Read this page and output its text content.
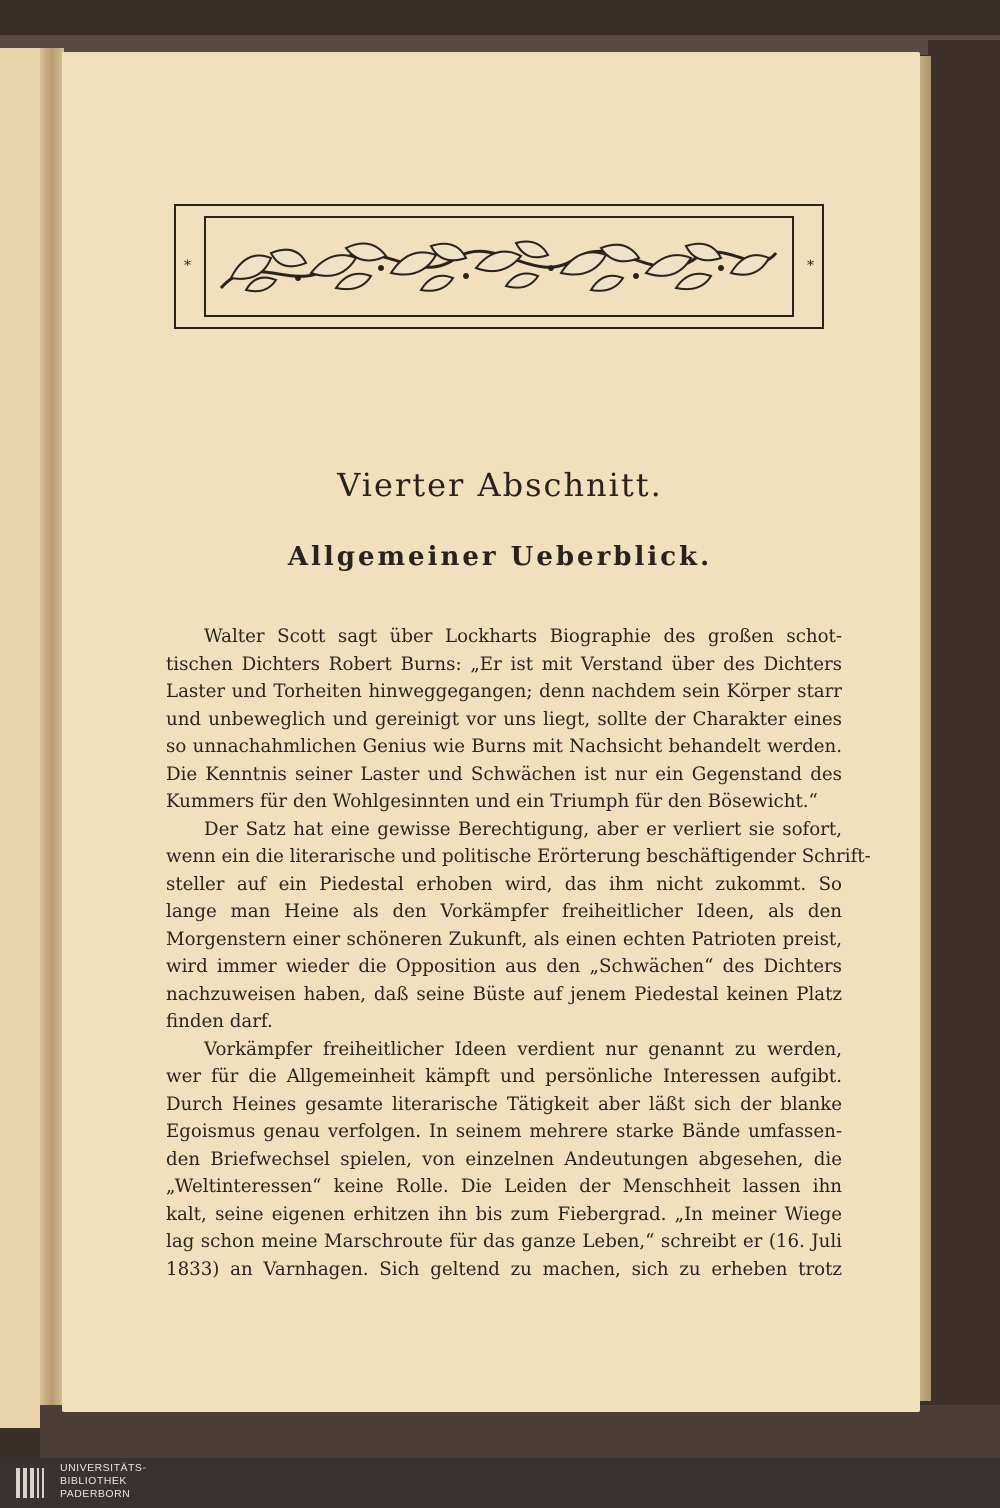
*	*
Vierter Abschnitt.
Allgemeiner Ueberblick.
Walter Scott sagt über Lockharts Biographie des großen schot-
tischen Dichters Robert Burns: „Er ist mit Verstand über des Dichters
Laster und Torheiten hinweggegangen; denn nachdem sein Körper starr
und unbeweglich und gereinigt vor uns liegt, sollte der Charakter eines
so unnachahmlichen Genius wie Burns mit Nachsicht behandelt werden.
Die Kenntnis seiner Laster und Schwächen ist nur ein Gegenstand des
Kummers für den Wohlgesinnten und ein Triumph für den Bösewicht.“
Der Satz hat eine gewisse Berechtigung, aber er verliert sie sofort,
wenn ein die literarische und politische Erörterung beschäftigender Schrift-
steller auf ein Piedestal erhoben wird, das ihm nicht zukommt. So
lange man Heine als den Vorkämpfer freiheitlicher Ideen, als den
Morgenstern einer schöneren Zukunft, als einen echten Patrioten preist,
wird immer wieder die Opposition aus den „Schwächen“ des Dichters
nachzuweisen haben, daß seine Büste auf jenem Piedestal keinen Platz
finden darf.
Vorkämpfer freiheitlicher Ideen verdient nur genannt zu werden,
wer für die Allgemeinheit kämpft und persönliche Interessen aufgibt.
Durch Heines gesamte literarische Tätigkeit aber läßt sich der blanke
Egoismus genau verfolgen. In seinem mehrere starke Bände umfassen-
den Briefwechsel spielen, von einzelnen Andeutungen abgesehen, die
„Weltinteressen“ keine Rolle. Die Leiden der Menschheit lassen ihn
kalt, seine eigenen erhitzen ihn bis zum Fiebergrad. „In meiner Wiege
lag schon meine Marschroute für das ganze Leben,“ schreibt er (16. Juli
1833) an Varnhagen. Sich geltend zu machen, sich zu erheben trotz
UNIVERSITÄTS-
BIBLIOTHEK
PADERBORN
